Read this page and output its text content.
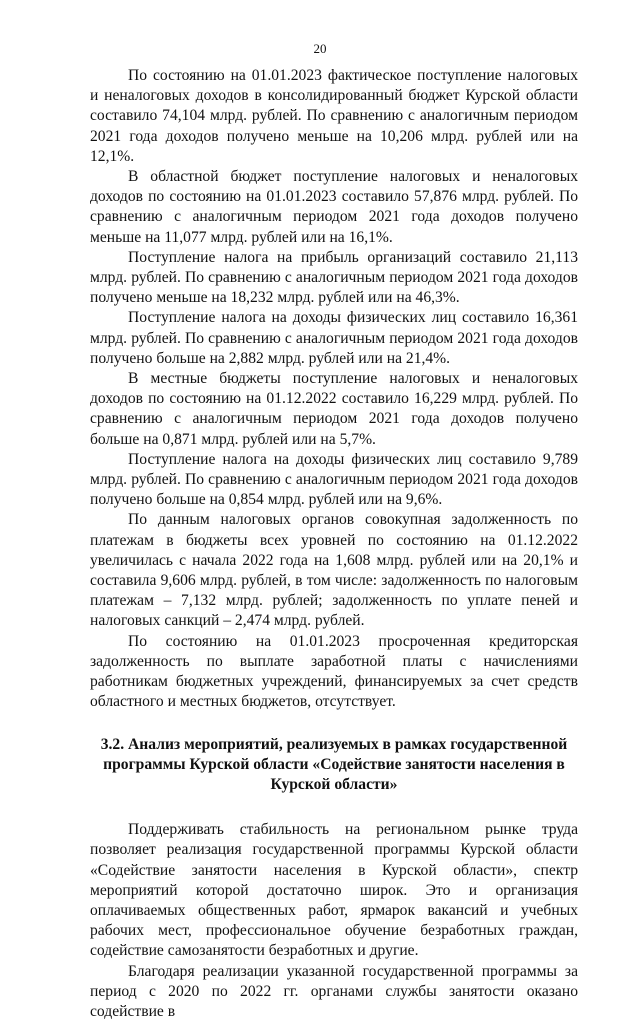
20

По состоянию на 01.01.2023 фактическое поступление налоговых и неналоговых доходов в консолидированный бюджет Курской области составило 74,104 млрд. рублей. По сравнению с аналогичным периодом 2021 года доходов получено меньше на 10,206 млрд. рублей или на 12,1%.

В областной бюджет поступление налоговых и неналоговых доходов по состоянию на 01.01.2023 составило 57,876 млрд. рублей. По сравнению с аналогичным периодом 2021 года доходов получено меньше на 11,077 млрд. рублей или на 16,1%.

Поступление налога на прибыль организаций составило 21,113 млрд. рублей. По сравнению с аналогичным периодом 2021 года доходов получено меньше на 18,232 млрд. рублей или на 46,3%.

Поступление налога на доходы физических лиц составило 16,361 млрд. рублей. По сравнению с аналогичным периодом 2021 года доходов получено больше на 2,882 млрд. рублей или на 21,4%.

В местные бюджеты поступление налоговых и неналоговых доходов по состоянию на 01.12.2022 составило 16,229 млрд. рублей. По сравнению с аналогичным периодом 2021 года доходов получено больше на 0,871 млрд. рублей или на 5,7%.

Поступление налога на доходы физических лиц составило 9,789 млрд. рублей. По сравнению с аналогичным периодом 2021 года доходов получено больше на 0,854 млрд. рублей или на 9,6%.

По данным налоговых органов совокупная задолженность по платежам в бюджеты всех уровней по состоянию на 01.12.2022 увеличилась с начала 2022 года на 1,608 млрд. рублей или на 20,1% и составила 9,606 млрд. рублей, в том числе: задолженность по налоговым платежам – 7,132 млрд. рублей; задолженность по уплате пеней и налоговых санкций – 2,474 млрд. рублей.

По состоянию на 01.01.2023 просроченная кредиторская задолженность по выплате заработной платы с начислениями работникам бюджетных учреждений, финансируемых за счет средств областного и местных бюджетов, отсутствует.

3.2. Анализ мероприятий, реализуемых в рамках государственной программы Курской области «Содействие занятости населения в Курской области»

Поддерживать стабильность на региональном рынке труда позволяет реализация государственной программы Курской области «Содействие занятости населения в Курской области», спектр мероприятий которой достаточно широк. Это и организация оплачиваемых общественных работ, ярмарок вакансий и учебных рабочих мест, профессиональное обучение безработных граждан, содействие самозанятости безработных и другие.

Благодаря реализации указанной государственной программы за период с 2020 по 2022 гг. органами службы занятости оказано содействие в
